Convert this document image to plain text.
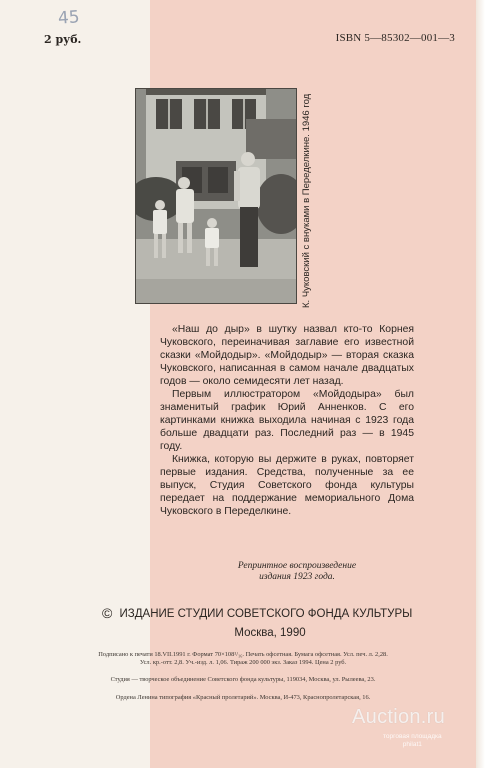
45
2 руб.	ISBN 5—85302—001—3
К. Чуковский с внуками в Переделкине. 1946 год

«Наш до дыр» в шутку назвал кто-то Корнея Чуковского, переиначивая заглавие его известной сказки «Мойдодыр». «Мойдодыр» — вторая сказка Чуковского, написанная в самом начале двадцатых годов — около семидесяти лет назад.

Первым иллюстратором «Мойдодыра» был знаменитый график Юрий Анненков. С его картинками книжка выходила начиная с 1923 года больше двадцати раз. Последний раз — в 1945 году.

Книжка, которую вы держите в руках, повторяет первые издания. Средства, полученные за ее выпуск, Студия Советского фонда культуры передает на поддержание мемориального Дома Чуковского в Переделкине.

Репринтное воспроизведение
издания 1923 года.
© ИЗДАНИЕ СТУДИИ СОВЕТСКОГО ФОНДА КУЛЬТУРЫ
Москва, 1990
Подписано к печати 18.VII.1991 г. Формат 70×108¹/₁₆. Печать офсетная. Бумага офсетная. Усл. печ. л. 2,28.
Усл. кр.-отт. 2,8. Уч.-изд. л. 1,06. Тираж 200 000 экз. Заказ 1994. Цена 2 руб.
Студия — творческое объединение Советского фонда культуры, 119034, Москва, ул. Рылеева, 23.
Ордена Ленина типография «Красный пролетарий». Москва, И-473, Краснопролетарская, 16.
Auction.ru
торговая площадка
philat1
